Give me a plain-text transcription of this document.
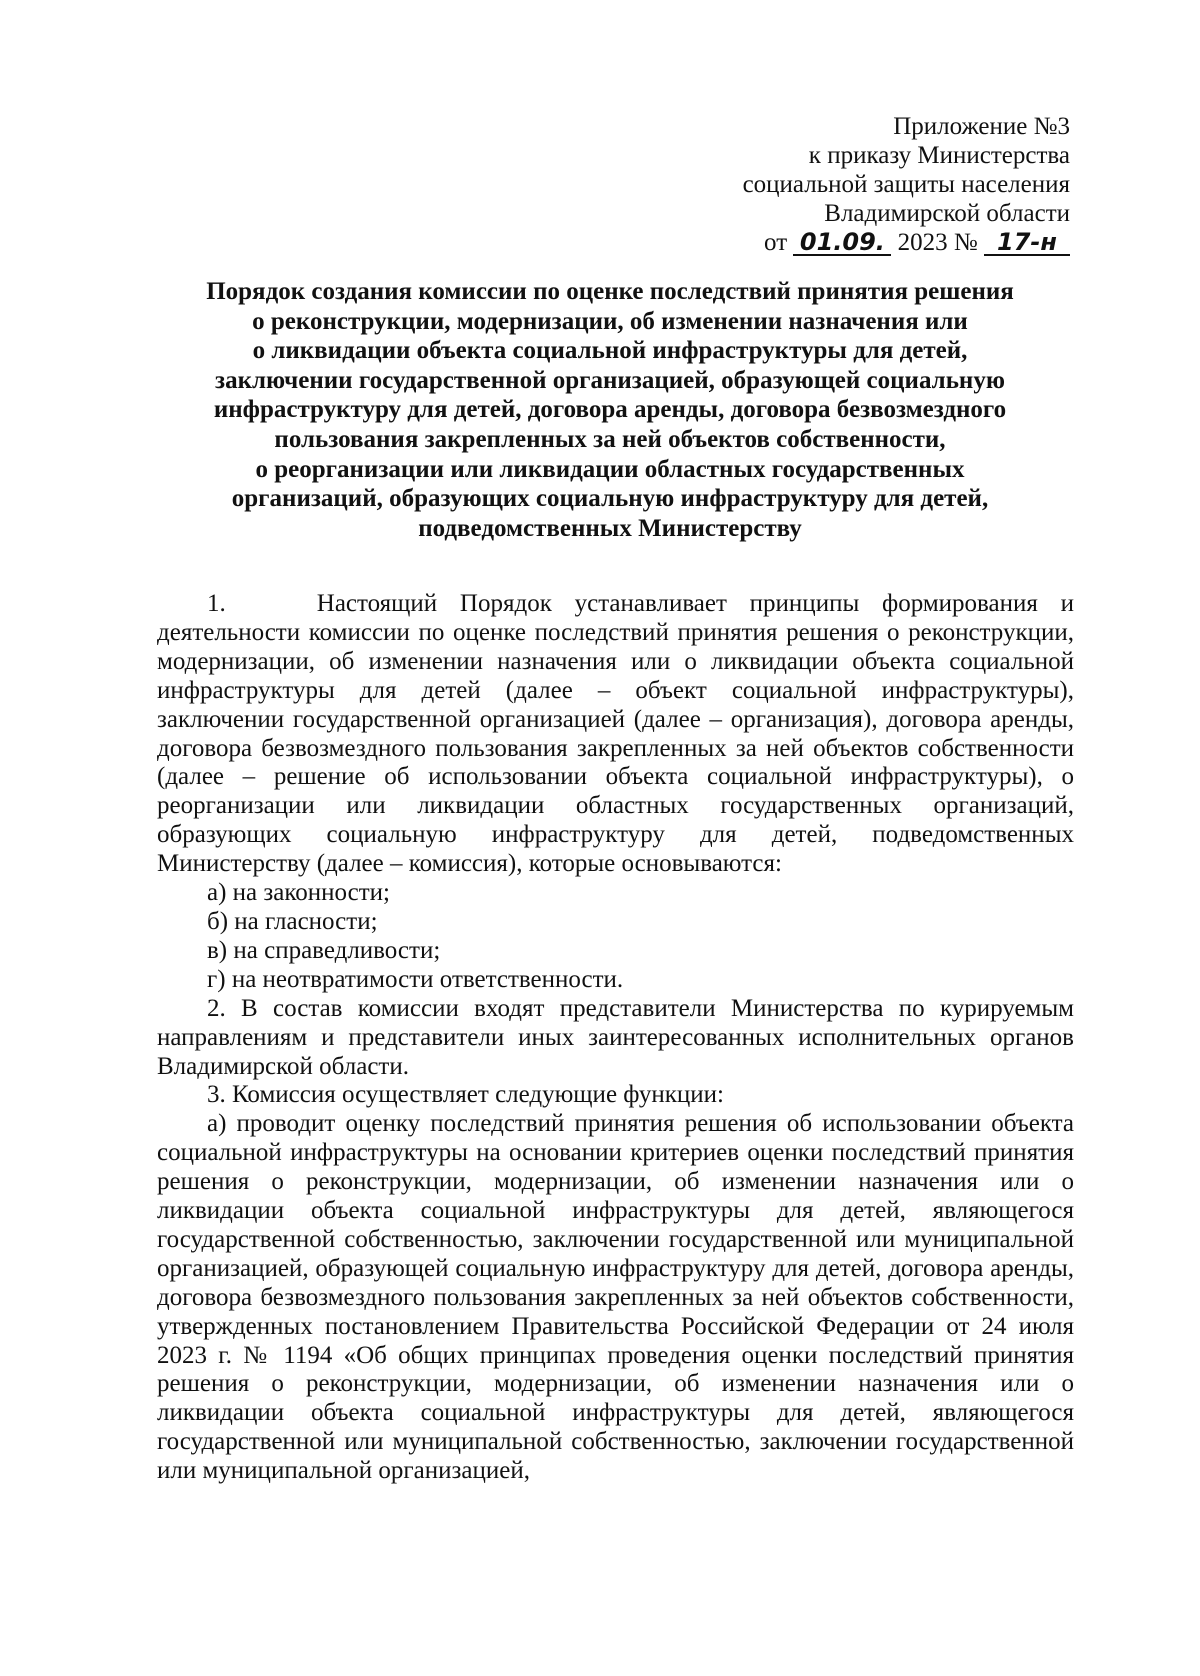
Приложение №3
к приказу Министерства
социальной защиты населения
Владимирской области
от 01.09. 2023 № 17-н
Порядок создания комиссии по оценке последствий принятия решения
о реконструкции, модернизации, об изменении назначения или
о ликвидации объекта социальной инфраструктуры для детей,
заключении государственной организацией, образующей социальную
инфраструктуру для детей, договора аренды, договора безвозмездного
пользования закрепленных за ней объектов собственности,
о реорганизации или ликвидации областных государственных
организаций, образующих социальную инфраструктуру для детей,
подведомственных Министерству

1.    Настоящий Порядок устанавливает принципы формирования и деятельности комиссии по оценке последствий принятия решения о реконструкции, модернизации, об изменении назначения или о ликвидации объекта социальной инфраструктуры для детей (далее – объект социальной инфраструктуры), заключении государственной организацией (далее – организация), договора аренды, договора безвозмездного пользования закрепленных за ней объектов собственности (далее – решение об использовании объекта социальной инфраструктуры), о реорганизации или ликвидации областных государственных организаций, образующих социальную инфраструктуру для детей, подведомственных Министерству (далее – комиссия), которые основываются:

а) на законности;

б) на гласности;

в) на справедливости;

г) на неотвратимости ответственности.

2. В состав комиссии входят представители Министерства по курируемым направлениям и представители иных заинтересованных исполнительных органов Владимирской области.

3. Комиссия осуществляет следующие функции:

а) проводит оценку последствий принятия решения об использовании объекта социальной инфраструктуры на основании критериев оценки последствий принятия решения о реконструкции, модернизации, об изменении назначения или о ликвидации объекта социальной инфраструктуры для детей, являющегося государственной собственностью, заключении государственной или муниципальной организацией, образующей социальную инфраструктуру для детей, договора аренды, договора безвозмездного пользования закрепленных за ней объектов собственности, утвержденных постановлением Правительства Российской Федерации от 24 июля 2023 г. № 1194 «Об общих принципах проведения оценки последствий принятия решения о реконструкции, модернизации, об изменении назначения или о ликвидации объекта социальной инфраструктуры для детей, являющегося государственной или муниципальной собственностью, заключении государственной или муниципальной организацией,
